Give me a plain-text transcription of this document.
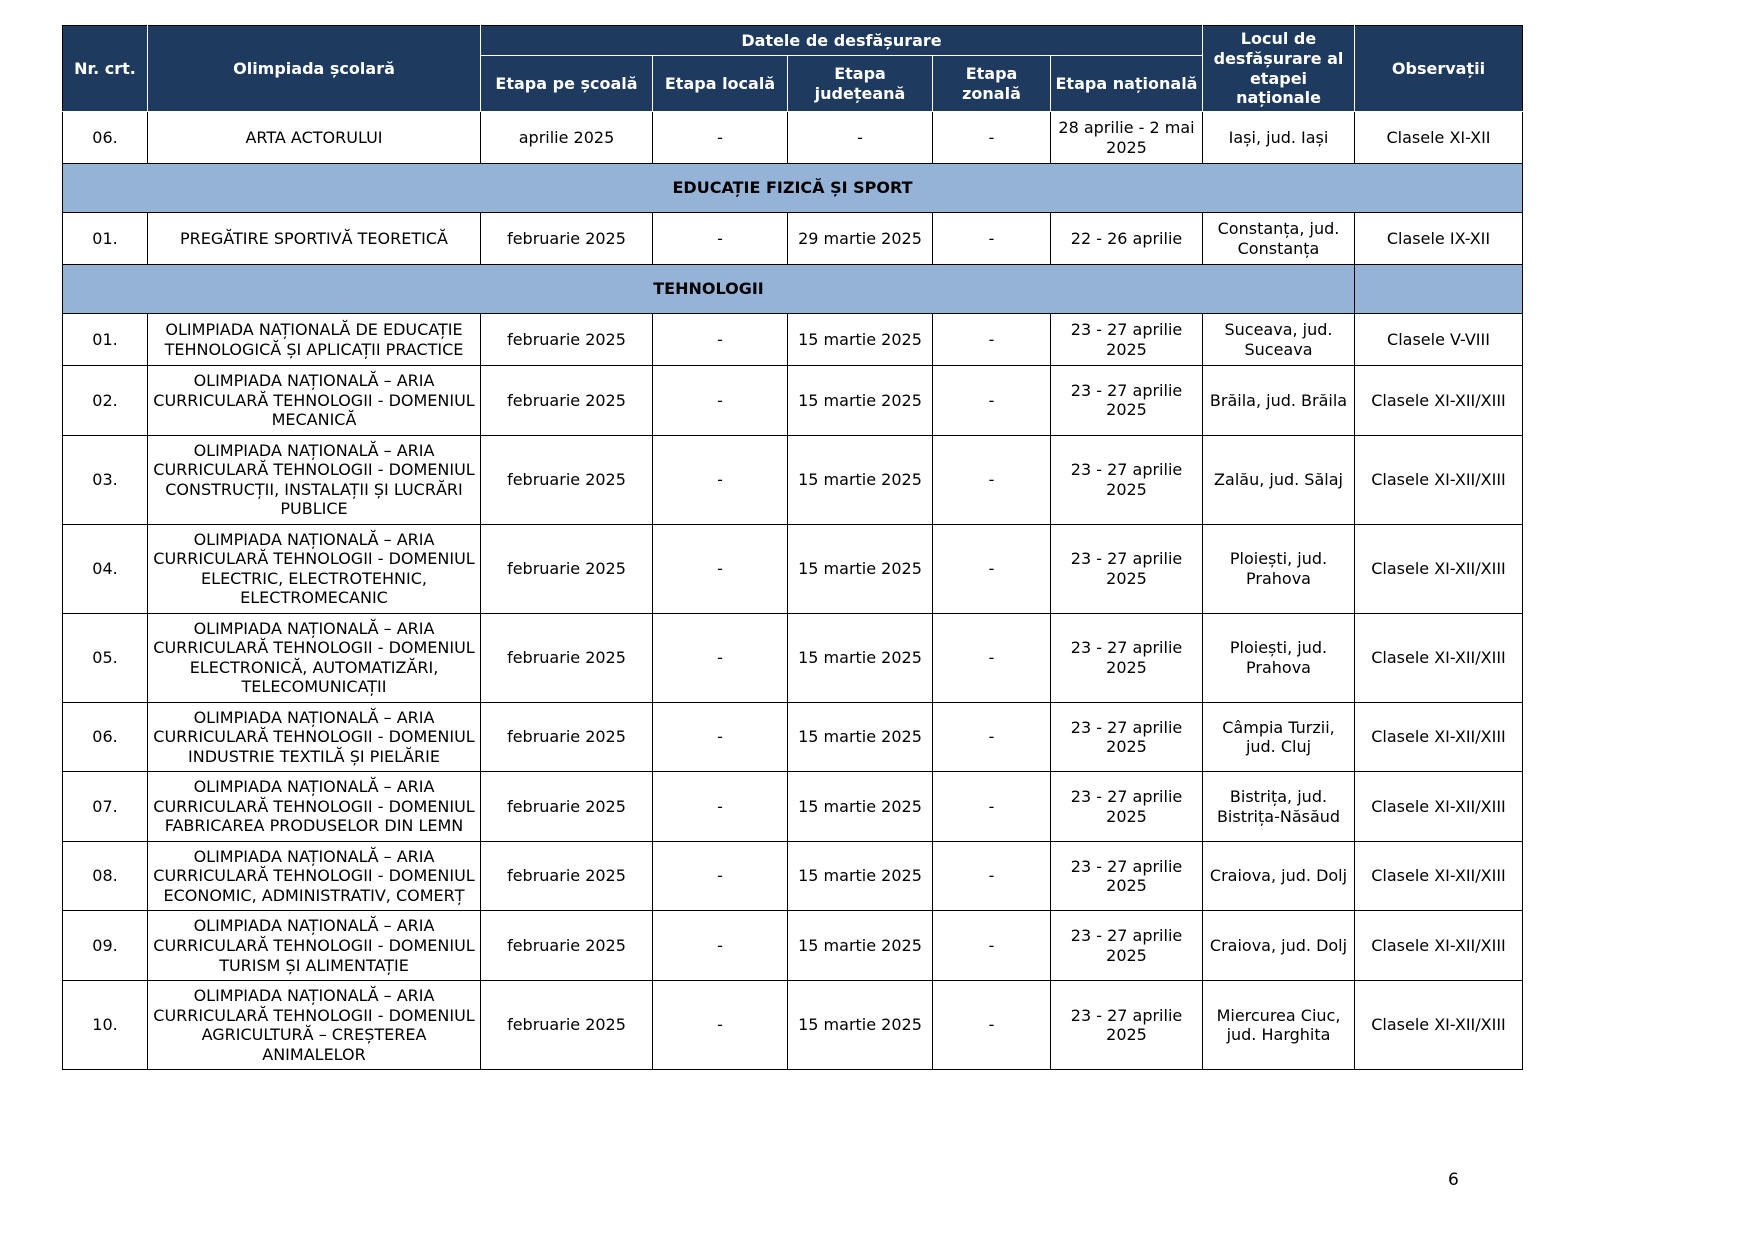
Nr. crt.	Olimpiada școlară	Datele de desfășurare					Locul de desfășurare al etapei naționale	Observații
		Etapa pe școală	Etapa locală	Etapa județeană	Etapa zonală	Etapa națională		
06.	ARTA ACTORULUI	aprilie 2025	-	-	-	28 aprilie - 2 mai 2025	Iași, jud. Iași	Clasele XI-XII
EDUCAȚIE FIZICĂ ȘI SPORT								
01.	PREGĂTIRE SPORTIVĂ TEORETICĂ	februarie 2025	-	29 martie 2025	-	22 - 26 aprilie	Constanța, jud. Constanța	Clasele IX-XII
TEHNOLOGII								
01.	OLIMPIADA NAȚIONALĂ DE EDUCAȚIE TEHNOLOGICĂ ȘI APLICAȚII PRACTICE	februarie 2025	-	15 martie 2025	-	23 - 27 aprilie 2025	Suceava, jud. Suceava	Clasele V-VIII
02.	OLIMPIADA NAȚIONALĂ – ARIA CURRICULARĂ TEHNOLOGII - DOMENIUL MECANICĂ	februarie 2025	-	15 martie 2025	-	23 - 27 aprilie 2025	Brăila, jud. Brăila	Clasele XI-XII/XIII
03.	OLIMPIADA NAȚIONALĂ – ARIA CURRICULARĂ TEHNOLOGII - DOMENIUL CONSTRUCȚII, INSTALAȚII ȘI LUCRĂRI PUBLICE	februarie 2025	-	15 martie 2025	-	23 - 27 aprilie 2025	Zalău, jud. Sălaj	Clasele XI-XII/XIII
04.	OLIMPIADA NAȚIONALĂ – ARIA CURRICULARĂ TEHNOLOGII - DOMENIUL ELECTRIC, ELECTROTEHNIC, ELECTROMECANIC	februarie 2025	-	15 martie 2025	-	23 - 27 aprilie 2025	Ploiești, jud. Prahova	Clasele XI-XII/XIII
05.	OLIMPIADA NAȚIONALĂ – ARIA CURRICULARĂ TEHNOLOGII - DOMENIUL ELECTRONICĂ, AUTOMATIZĂRI, TELECOMUNICAȚII	februarie 2025	-	15 martie 2025	-	23 - 27 aprilie 2025	Ploiești, jud. Prahova	Clasele XI-XII/XIII
06.	OLIMPIADA NAȚIONALĂ – ARIA CURRICULARĂ TEHNOLOGII - DOMENIUL INDUSTRIE TEXTILĂ ȘI PIELĂRIE	februarie 2025	-	15 martie 2025	-	23 - 27 aprilie 2025	Câmpia Turzii, jud. Cluj	Clasele XI-XII/XIII
07.	OLIMPIADA NAȚIONALĂ – ARIA CURRICULARĂ TEHNOLOGII - DOMENIUL FABRICAREA PRODUSELOR DIN LEMN	februarie 2025	-	15 martie 2025	-	23 - 27 aprilie 2025	Bistrița, jud. Bistrița-Năsăud	Clasele XI-XII/XIII
08.	OLIMPIADA NAȚIONALĂ – ARIA CURRICULARĂ TEHNOLOGII - DOMENIUL ECONOMIC, ADMINISTRATIV, COMERȚ	februarie 2025	-	15 martie 2025	-	23 - 27 aprilie 2025	Craiova, jud. Dolj	Clasele XI-XII/XIII
09.	OLIMPIADA NAȚIONALĂ – ARIA CURRICULARĂ TEHNOLOGII - DOMENIUL TURISM ȘI ALIMENTAȚIE	februarie 2025	-	15 martie 2025	-	23 - 27 aprilie 2025	Craiova, jud. Dolj	Clasele XI-XII/XIII
10.	OLIMPIADA NAȚIONALĂ – ARIA CURRICULARĂ TEHNOLOGII - DOMENIUL AGRICULTURĂ – CREȘTEREA ANIMALELOR	februarie 2025	-	15 martie 2025	-	23 - 27 aprilie 2025	Miercurea Ciuc, jud. Harghita	Clasele XI-XII/XIII
6
